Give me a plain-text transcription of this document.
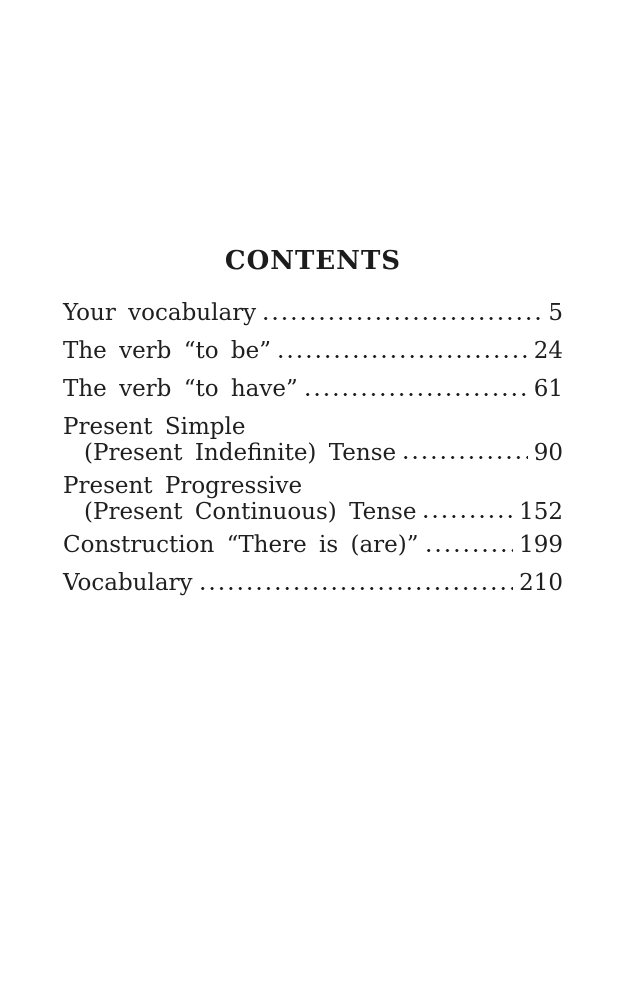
CONTENTS
Your vocabulary	5
The verb “to be”	24
The verb “to have”	61
Present Simple
(Present Indefinite) Tense	90
Present Progressive
(Present Continuous) Tense	152
Construction “There is (are)”	199
Vocabulary	210
